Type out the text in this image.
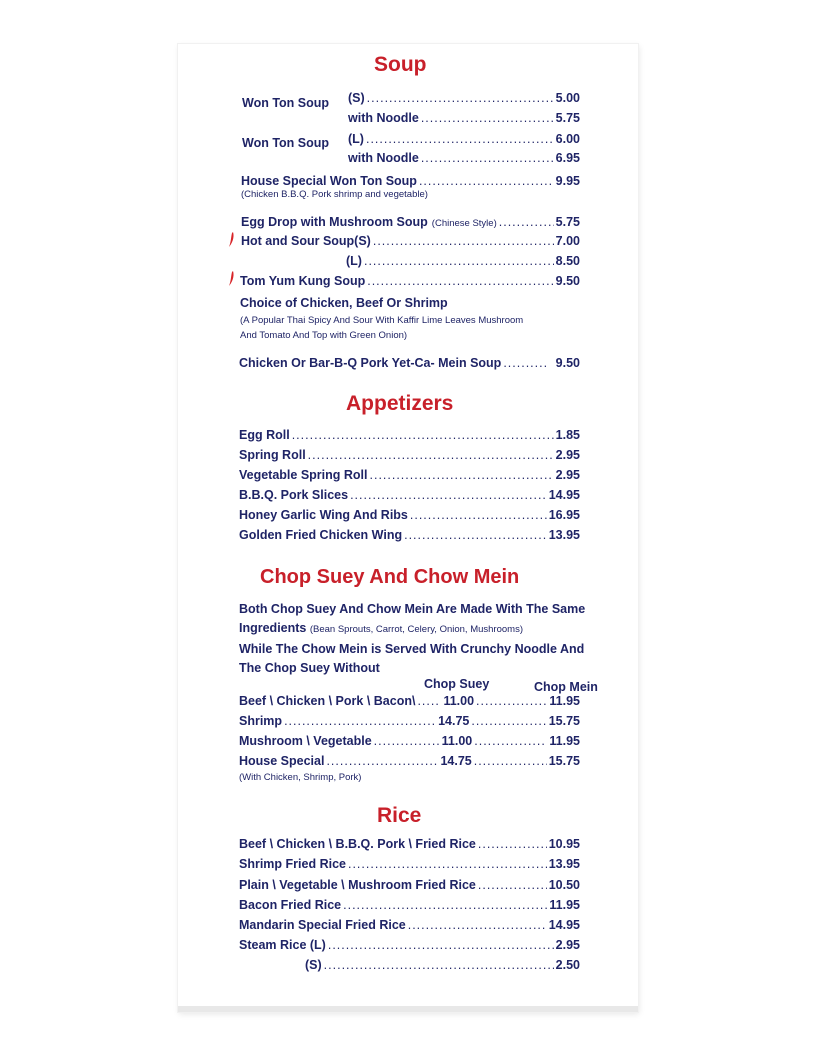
Soup
Won Ton Soup (S) .....	5.00
with Noodle .....	5.75
Won Ton Soup (L) .....	6.00
with Noodle .....	6.95
House Special Won Ton Soup .....	9.95
(Chicken B.B.Q. Pork shrimp and vegetable)
Egg Drop with Mushroom Soup (Chinese Style) .....	5.75
Hot and Sour Soup(S) .....	7.00
(L) .....	8.50
Tom Yum Kung Soup .....	9.50
Choice of Chicken, Beef Or Shrimp
(A Popular Thai Spicy And Sour With Kaffir Lime Leaves Mushroom
And Tomato And Top with Green Onion)
Chicken Or Bar-B-Q Pork Yet-Ca- Mein Soup .....	9.50
Appetizers
Egg Roll .....	1.85
Spring Roll .....	2.95
Vegetable Spring Roll .....	2.95
B.B.Q. Pork Slices .....	14.95
Honey Garlic Wing And Ribs .....	16.95
Golden Fried Chicken Wing .....	13.95
Chop Suey And Chow Mein
Both Chop Suey And Chow Mein Are Made With The Same
Ingredients (Bean Sprouts, Carrot, Celery, Onion, Mushrooms)
While The Chow Mein is Served With Crunchy Noodle And
The Chop Suey Without
Chop Suey	Chop Mein
Beef \ Chicken \ Pork \ Bacon\ ..... 11.00 .....	11.95
Shrimp .....	14.75 .....	15.75
Mushroom \ Vegetable .....	11.00 .....	11.95
House Special .....	14.75 .....	15.75
(With Chicken, Shrimp, Pork)
Rice
Beef \ Chicken \ B.B.Q. Pork \ Fried Rice .....	10.95
Shrimp Fried Rice .....	13.95
Plain \ Vegetable \ Mushroom Fried Rice .....	10.50
Bacon Fried Rice .....	11.95
Mandarin Special Fried Rice .....	14.95
Steam Rice (L) .....	2.95
(S) .....	2.50
